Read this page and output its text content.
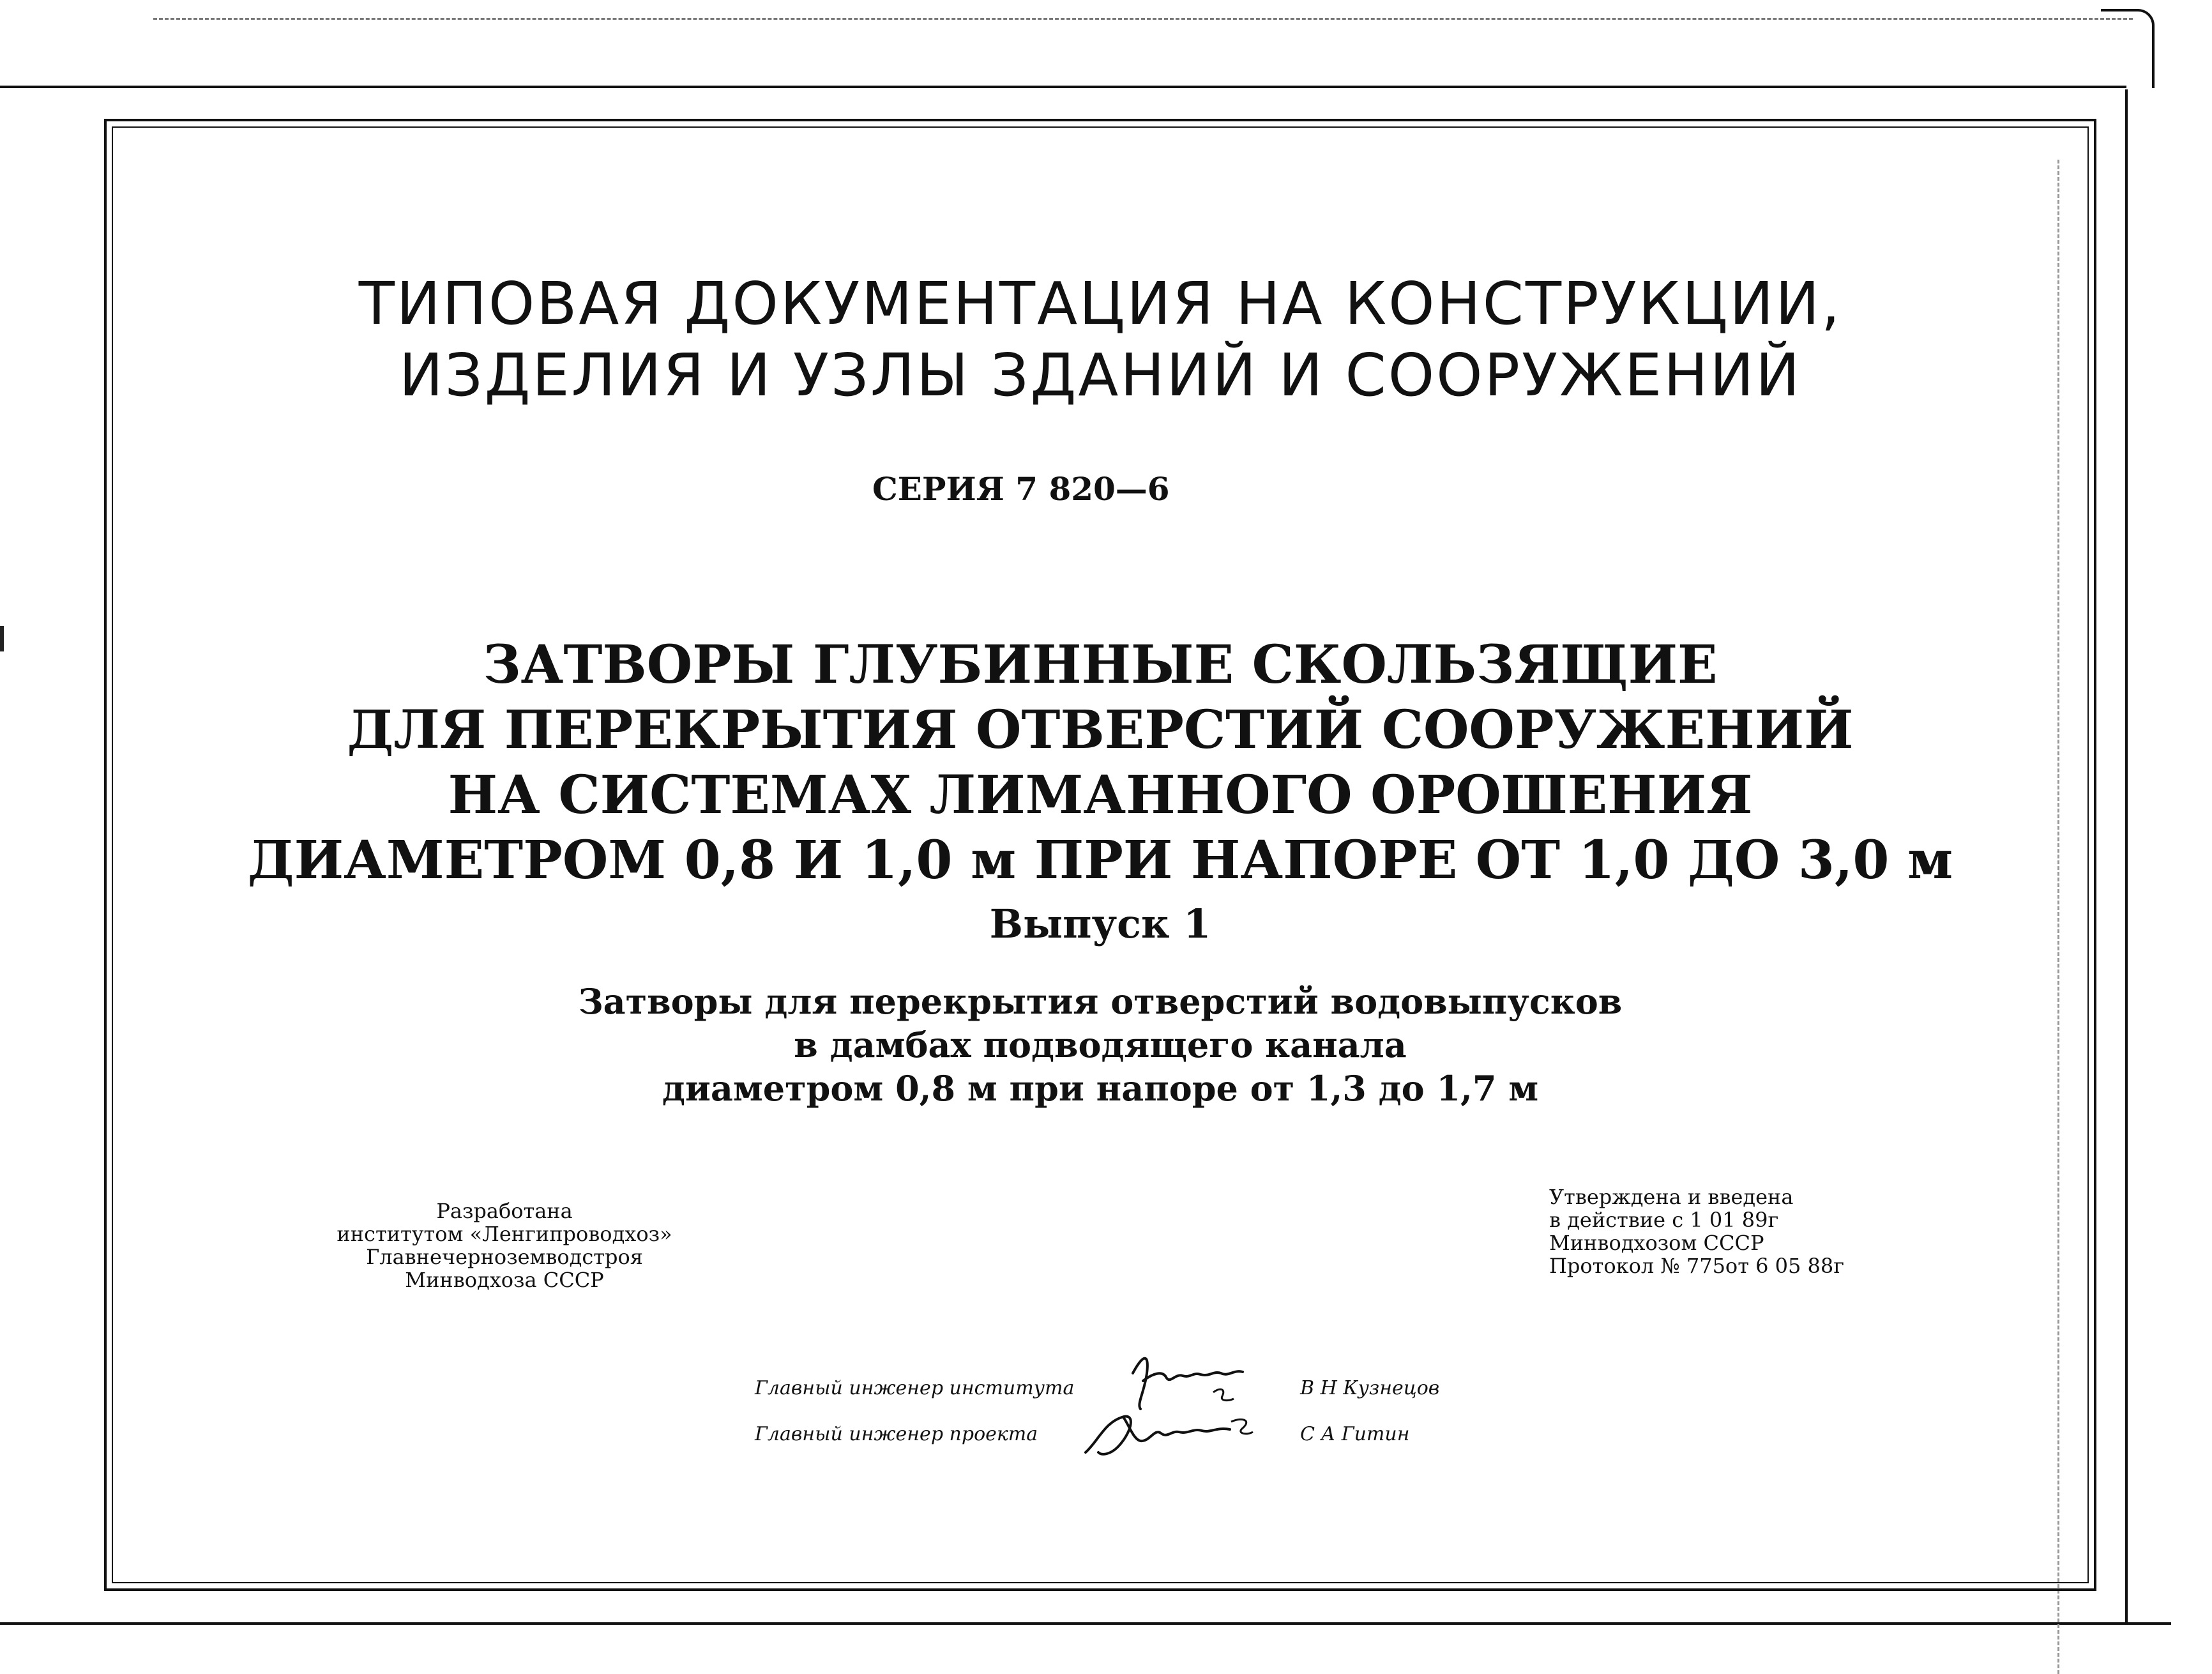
ТИПОВАЯ ДОКУМЕНТАЦИЯ НА КОНСТРУКЦИИ,
ИЗДЕЛИЯ И УЗЛЫ ЗДАНИЙ И СООРУЖЕНИЙ
СЕРИЯ 7 820—6
ЗАТВОРЫ ГЛУБИННЫЕ СКОЛЬЗЯЩИЕ
ДЛЯ ПЕРЕКРЫТИЯ ОТВЕРСТИЙ СООРУЖЕНИЙ
НА СИСТЕМАХ ЛИМАННОГО ОРОШЕНИЯ
ДИАМЕТРОМ 0,8 И 1,0 м ПРИ НАПОРЕ ОТ 1,0 ДО 3,0 м
Выпуск 1
Затворы для перекрытия отверстий водовыпусков
в дамбах подводящего канала
диаметром 0,8 м при напоре от 1,3 до 1,7 м
Разработана
институтом «Ленгипроводхоз»
Главнечерноземводстроя
Минводхоза СССР
Утверждена и введена
в действие с 1 01 89г
Минводхозом СССР
Протокол № 775от 6 05 88г
Главный инженер института	В Н Кузнецов
Главный инженер проекта	С А Гитин
